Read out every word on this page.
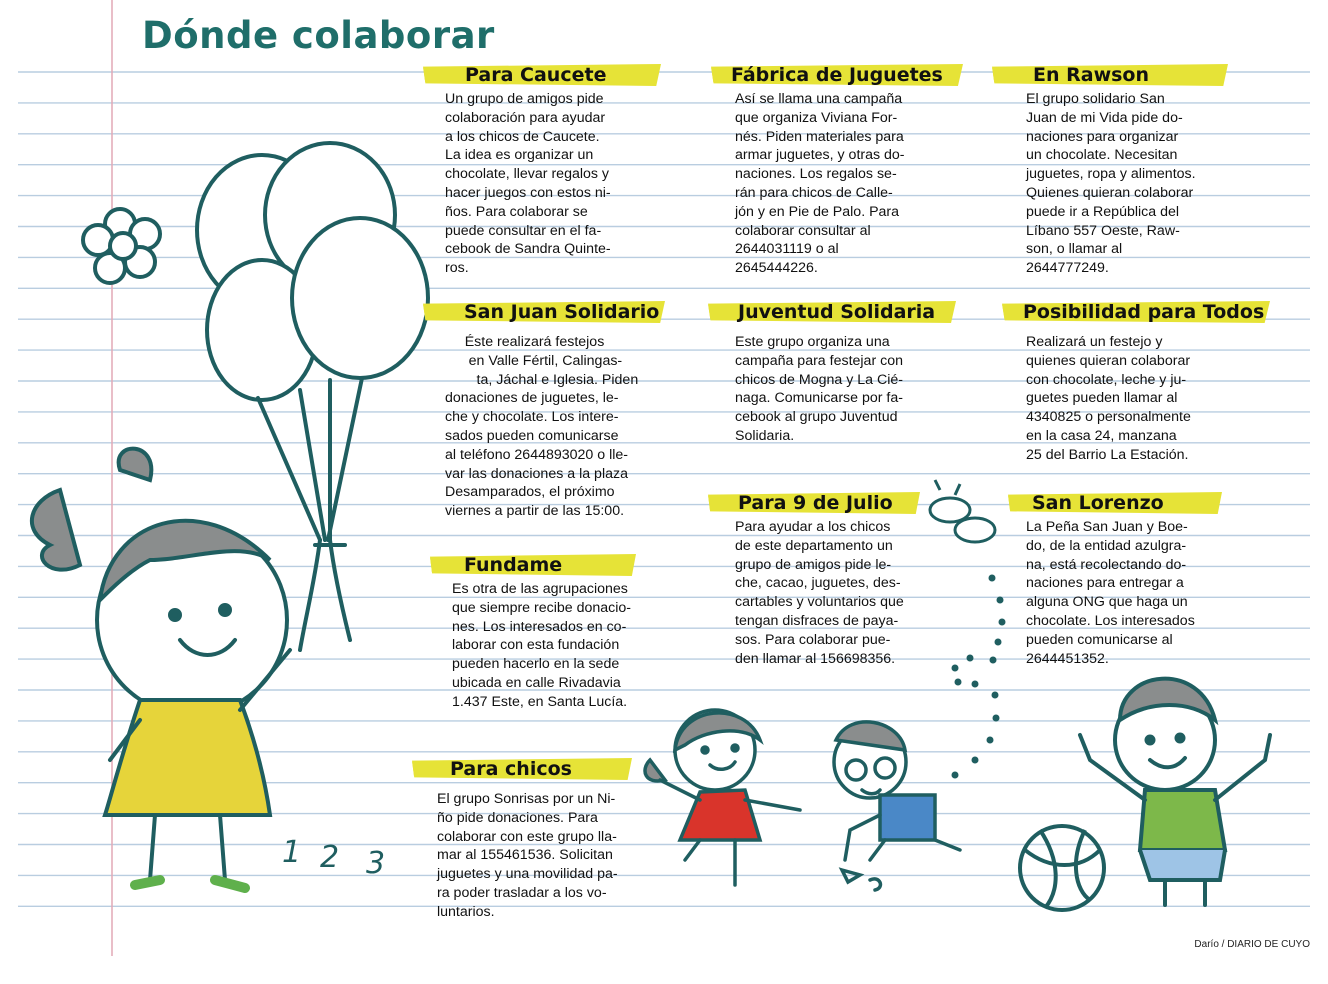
1 2 3
Dónde colaborar
Para Caucete

Un grupo de amigos pide
colaboración para ayudar
a los chicos de Caucete.
La idea es organizar un
chocolate, llevar regalos y
hacer juegos con estos ni-
ños. Para colaborar se
puede consultar en el fa-
cebook de Sandra Quinte-
ros.

Fábrica de Juguetes

Así se llama una campaña
que organiza Viviana For-
nés. Piden materiales para
armar juguetes, y otras do-
naciones. Los regalos se-
rán para chicos de Calle-
jón y en Pie de Palo. Para
colaborar consultar al
2644031119 o al
2645444226.

En Rawson

El grupo solidario San
Juan de mi Vida pide do-
naciones para organizar
un chocolate. Necesitan
juguetes, ropa y alimentos.
Quienes quieran colaborar
puede ir a República del
Líbano 557 Oeste, Raw-
son, o llamar al
2644777249.

San Juan Solidario

Éste realizará festejos
en Valle Fértil, Calingas-
ta, Jáchal e Iglesia. Piden
donaciones de juguetes, le-
che y chocolate. Los intere-
sados pueden comunicarse
al teléfono 2644893020 o lle-
var las donaciones a la plaza
Desamparados, el próximo
viernes a partir de las 15:00.

Juventud Solidaria

Este grupo organiza una
campaña para festejar con
chicos de Mogna y La Cié-
naga. Comunicarse por fa-
cebook al grupo Juventud
Solidaria.

Posibilidad para Todos

Realizará un festejo y
quienes quieran colaborar
con chocolate, leche y ju-
guetes pueden llamar al
4340825 o personalmente
en la casa 24, manzana
25 del Barrio La Estación.

Fundame

Es otra de las agrupaciones
que siempre recibe donacio-
nes. Los interesados en co-
laborar con esta fundación
pueden hacerlo en la sede
ubicada en calle Rivadavia
1.437 Este, en Santa Lucía.

Para 9 de Julio

Para ayudar a los chicos
de este departamento un
grupo de amigos pide le-
che, cacao, juguetes, des-
cartables y voluntarios que
tengan disfraces de paya-
sos. Para colaborar pue-
den llamar al 156698356.

San Lorenzo

La Peña San Juan y Boe-
do, de la entidad azulgra-
na, está recolectando do-
naciones para entregar a
alguna ONG que haga un
chocolate. Los interesados
pueden comunicarse al
2644451352.

Para chicos

El grupo Sonrisas por un Ni-
ño pide donaciones. Para
colaborar con este grupo lla-
mar al 155461536. Solicitan
juguetes y una movilidad pa-
ra poder trasladar a los vo-
luntarios.

Darío / DIARIO DE CUYO
